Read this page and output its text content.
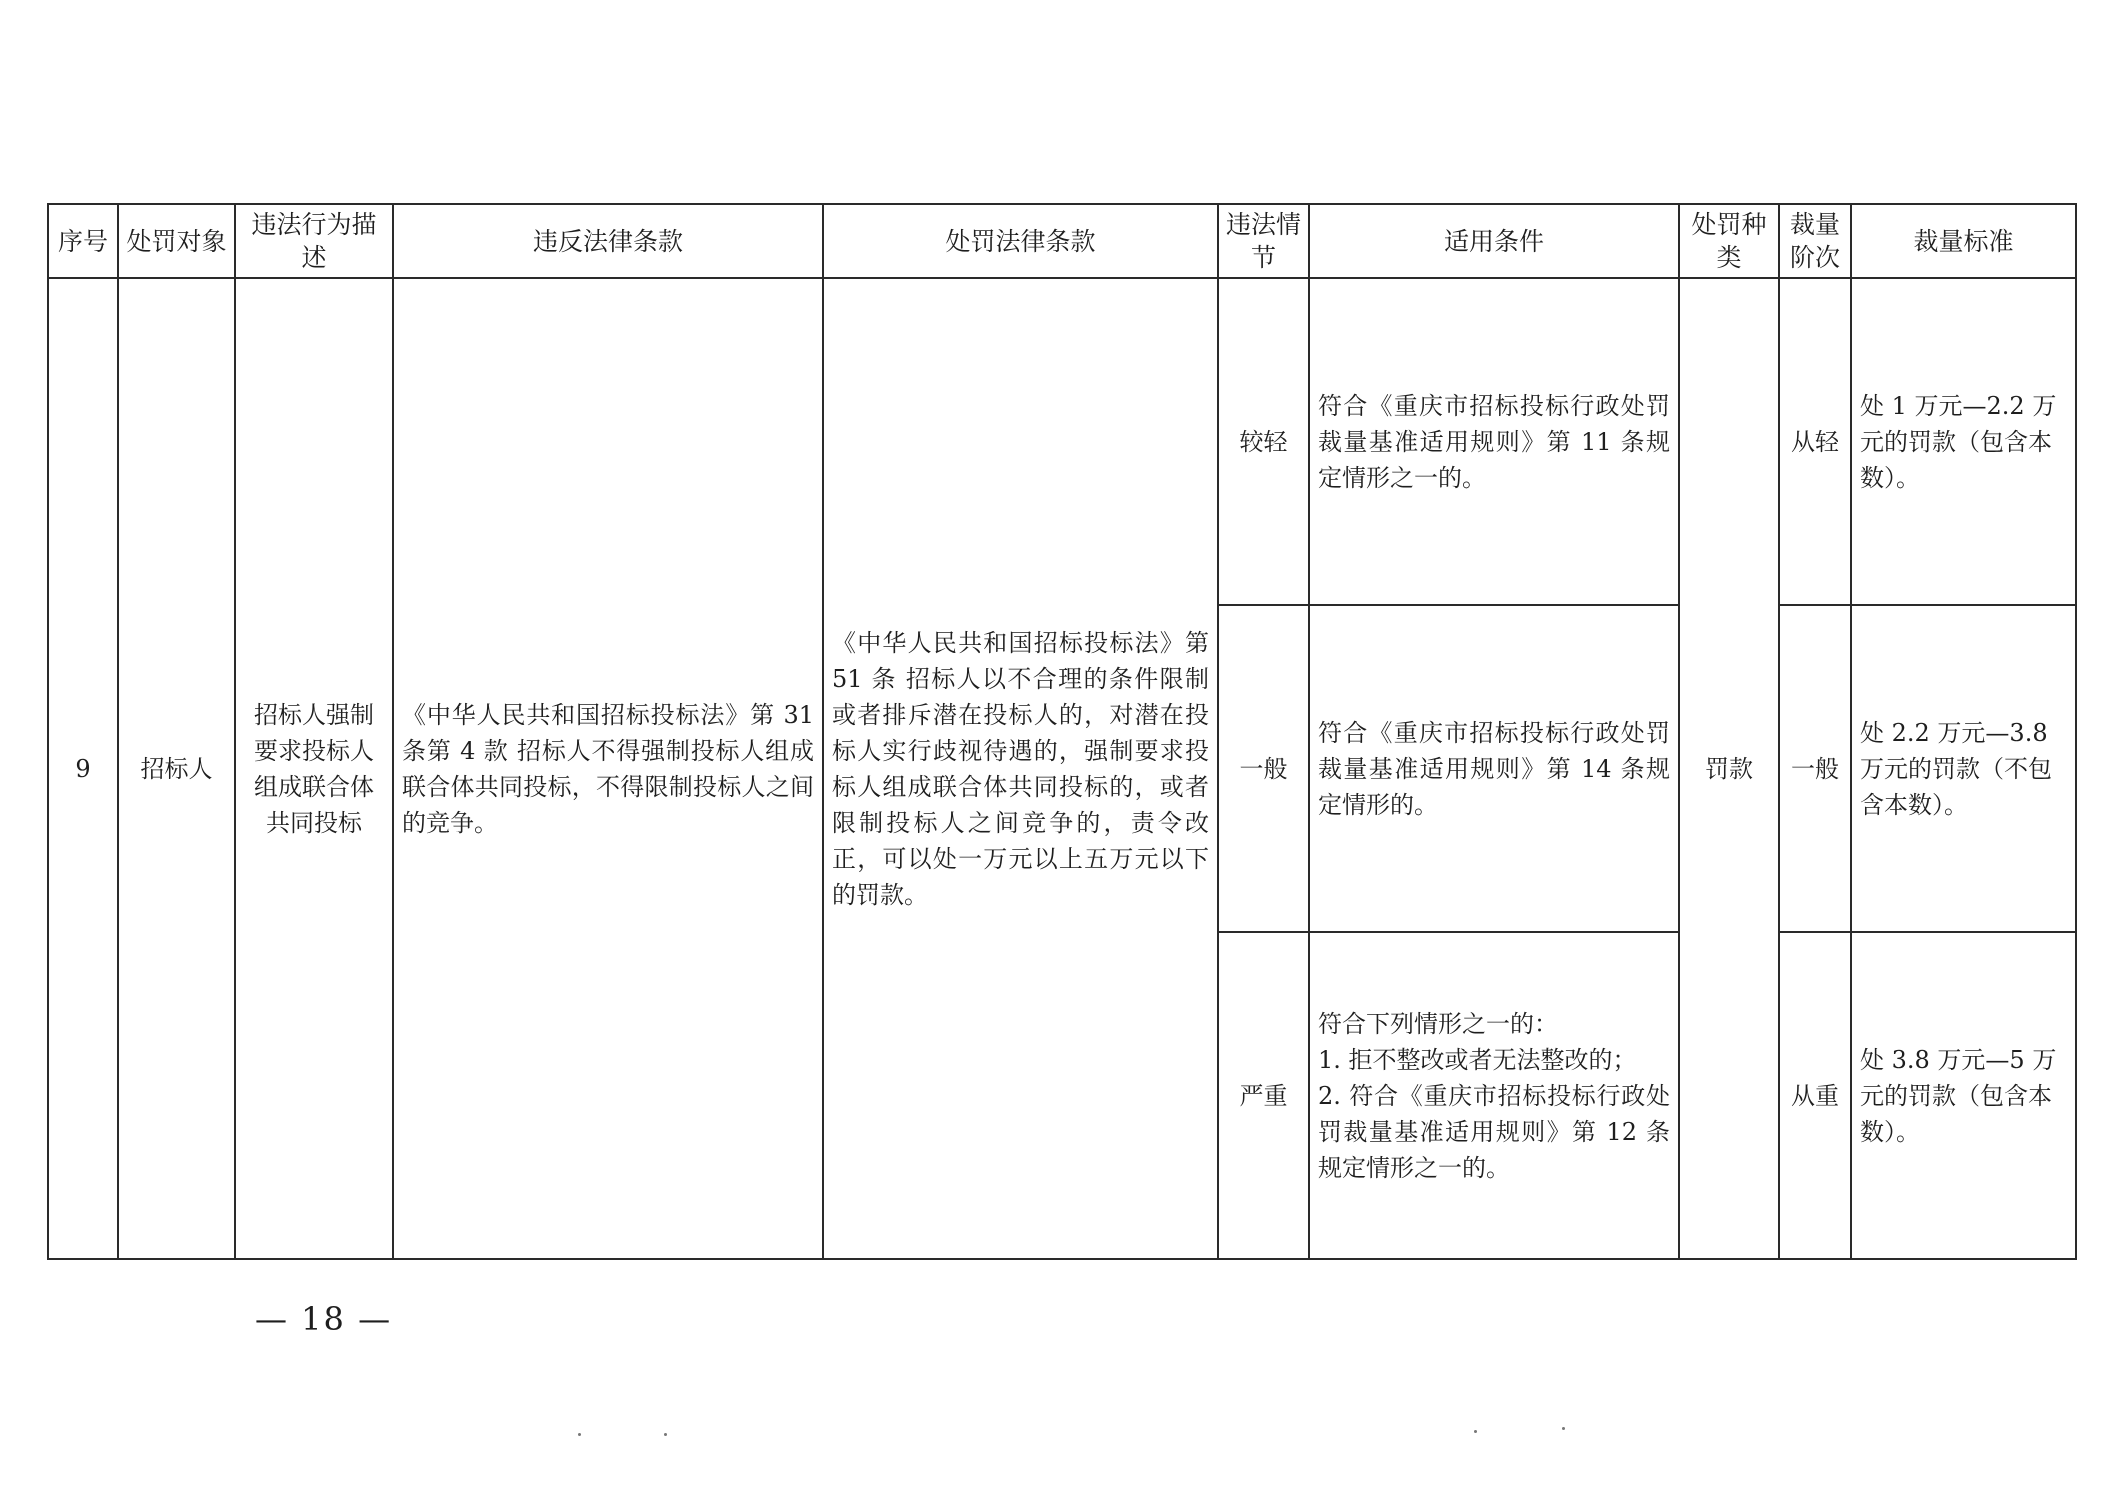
序号	处罚对象	违法行为描述	违反法律条款	处罚法律条款	违法情节	适用条件	处罚种类	裁量阶次	裁量标准
9	招标人	招标人强制要求投标人组成联合体共同投标	《中华人民共和国招标投标法》第 31 条第 4 款 招标人不得强制投标人组成联合体共同投标，不得限制投标人之间的竞争。	《中华人民共和国招标投标法》第 51 条 招标人以不合理的条件限制或者排斥潜在投标人的，对潜在投标人实行歧视待遇的，强制要求投标人组成联合体共同投标的，或者限制投标人之间竞争的，责令改正，可以处一万元以上五万元以下的罚款。	较轻	符合《重庆市招标投标行政处罚裁量基准适用规则》第 11 条规定情形之一的。	罚款	从轻	处 1 万元—2.2 万元的罚款（包含本数）。
					一般	符合《重庆市招标投标行政处罚裁量基准适用规则》第 14 条规定情形的。		一般	处 2.2 万元—3.8 万元的罚款（不包含本数）。
					严重	符合下列情形之一的：
1. 拒不整改或者无法整改的；
2. 符合《重庆市招标投标行政处罚裁量基准适用规则》第 12 条规定情形之一的。		从重	处 3.8 万元—5 万元的罚款（包含本数）。
— 18 —
